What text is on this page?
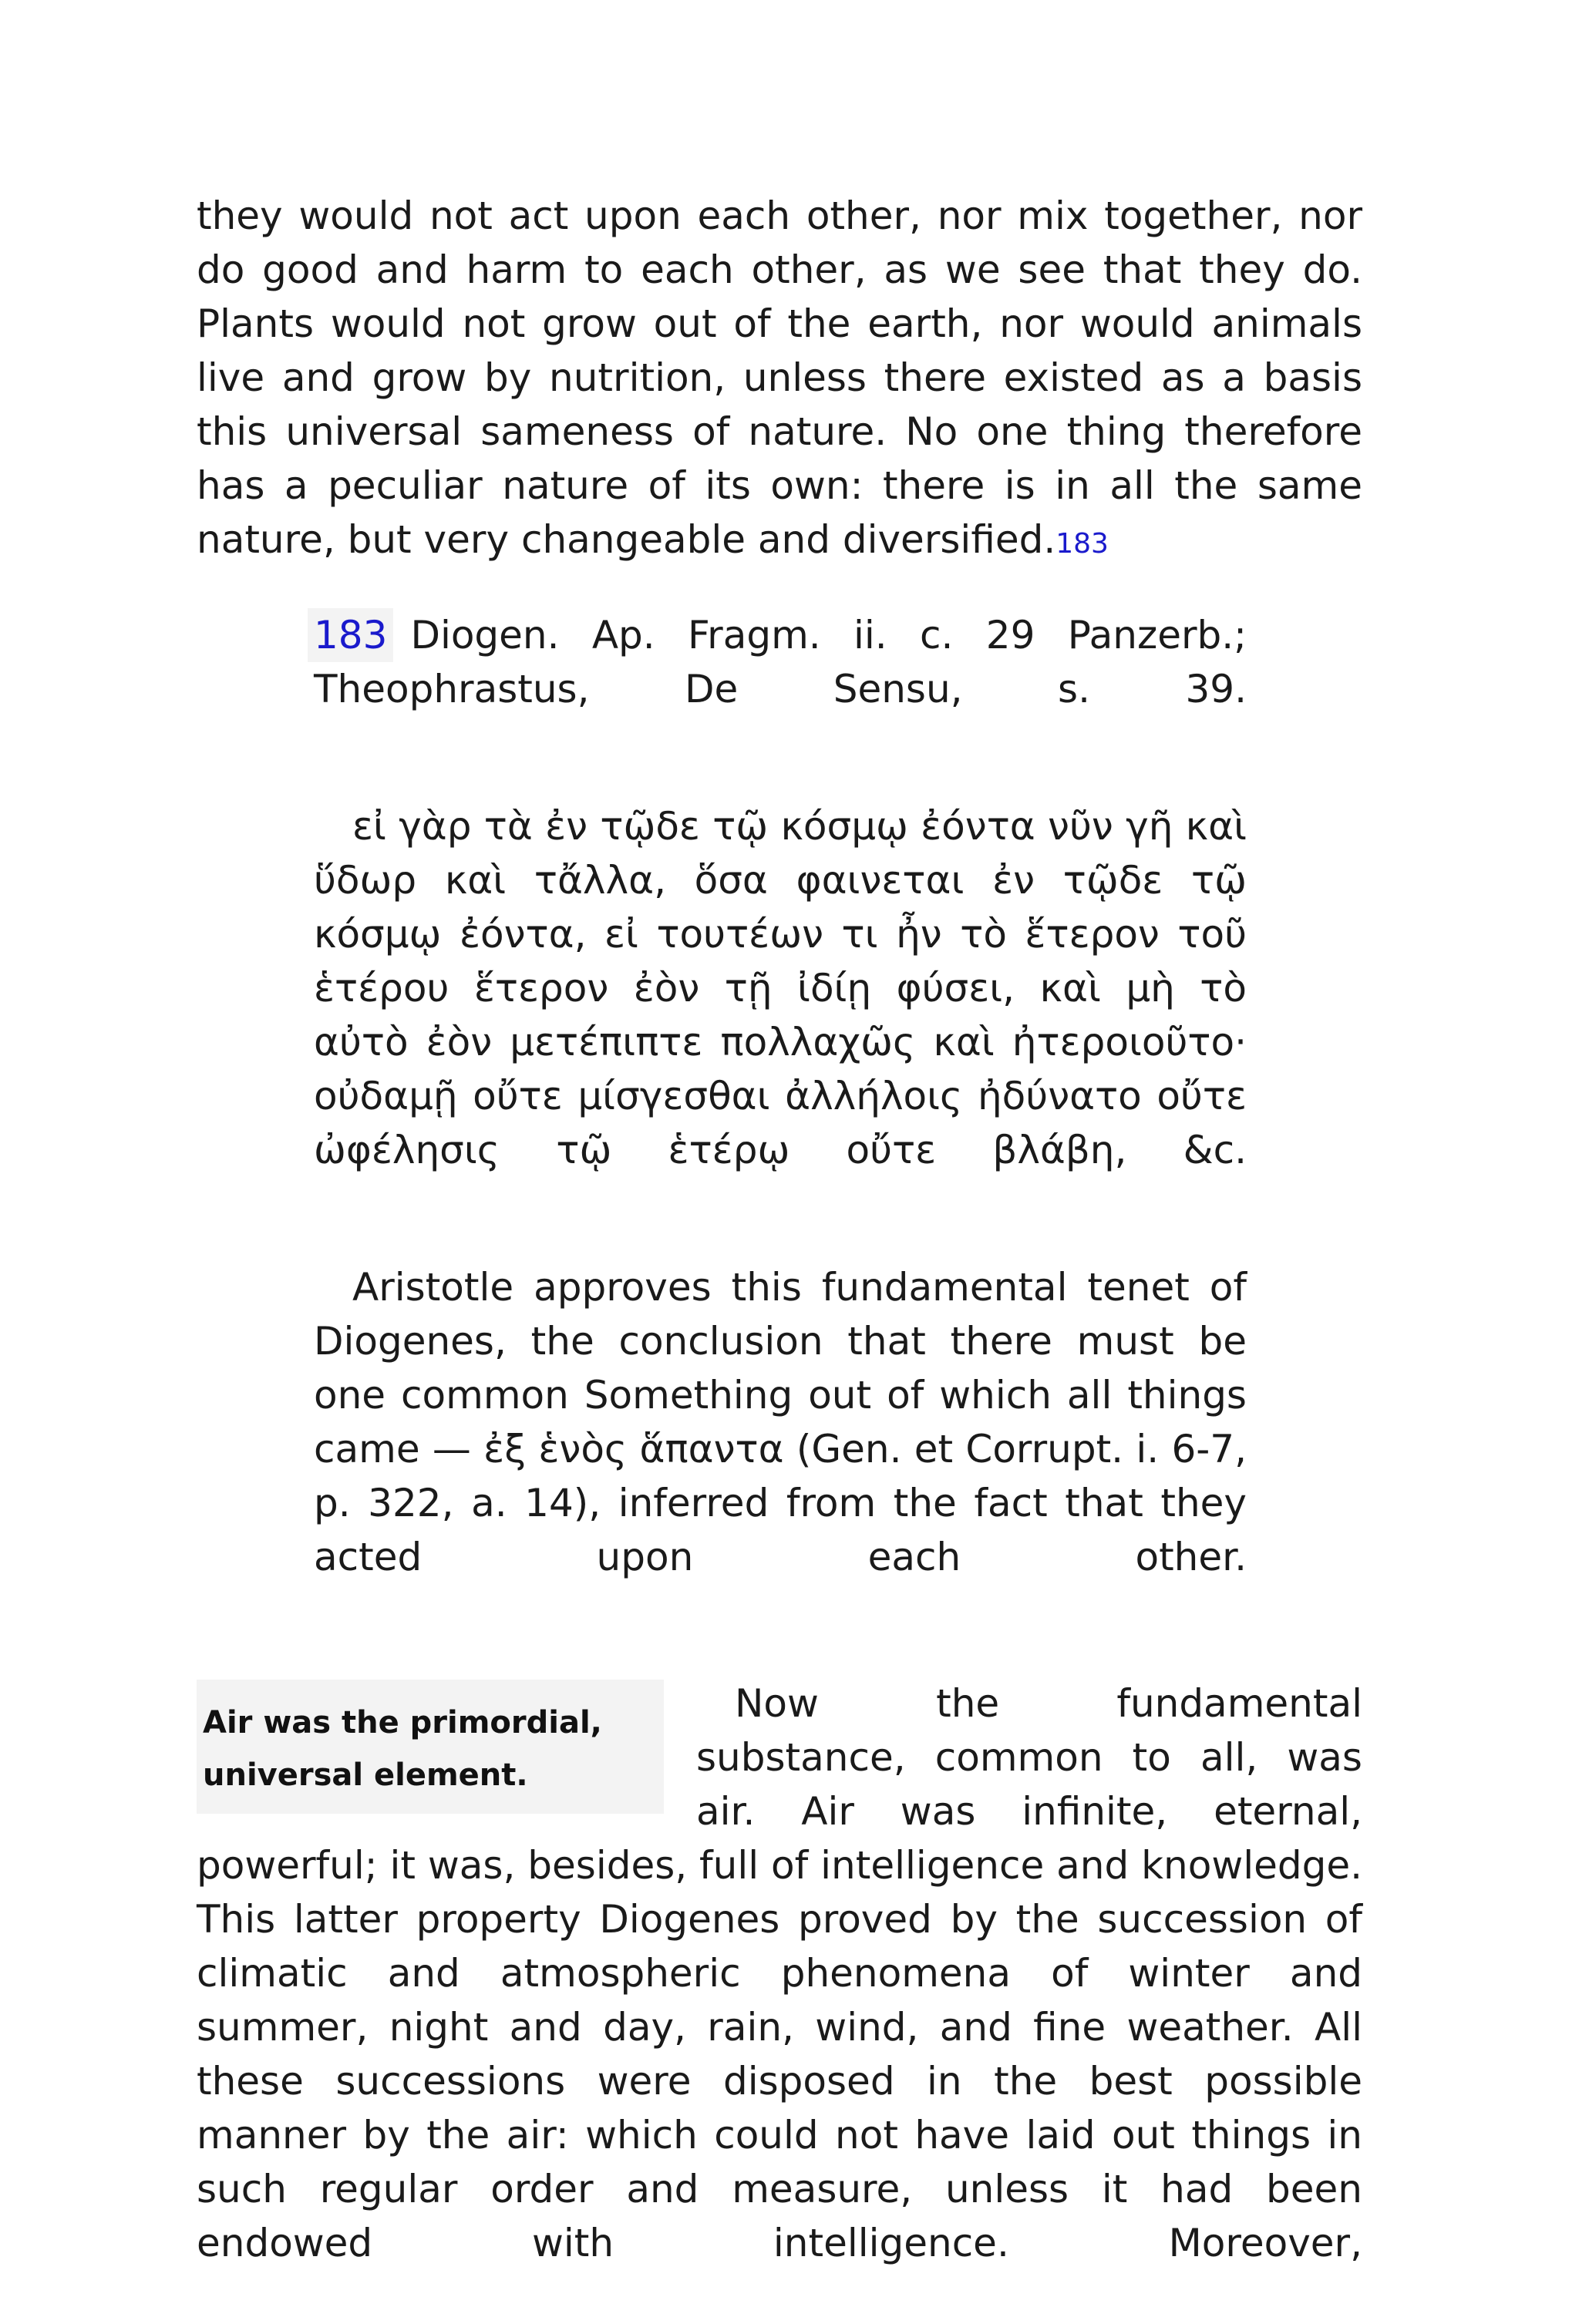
they would not act upon each other, nor mix together, nor do good and harm to each other, as we see that they do. Plants would not grow out of the earth, nor would animals live and grow by nutrition, unless there existed as a basis this universal sameness of nature. No one thing therefore has a peculiar nature of its own: there is in all the same nature, but very changeable and diversified.183

183 Diogen. Ap. Fragm. ii. c. 29 Panzerb.; Theophrastus, De Sensu, s. 39.

εἰ γὰρ τὰ ἐν τῷδε τῷ κόσμῳ ἐόντα νῦν γῆ καὶ ὕδωρ καὶ τἄλλα, ὅσα φαινεται ἐν τῷδε τῷ κόσμῳ ἐόντα, εἰ τουτέων τι ἦν τὸ ἕτερον τοῦ ἑτέρου ἕτερον ἐὸν τῇ ἰδίῃ φύσει, καὶ μὴ τὸ αὐτὸ ἐὸν μετέπιπτε πολλαχῶς καὶ ἠτεροιοῦτο· οὐδαμῇ οὔτε μίσγεσθαι ἀλλήλοις ἠδύνατο οὔτε ὠφέλησις τῷ ἑτέρῳ οὔτε βλάβη, &c.

Aristotle approves this fundamental tenet of Diogenes, the conclusion that there must be one common Something out of which all things came — ἐξ ἑνὸς ἅπαντα (Gen. et Corrupt. i. 6-7, p. 322, a. 14), inferred from the fact that they acted upon each other.

Air was the primordial, universal element.

Now the fundamental substance, common to all, was air. Air was infinite, eternal, powerful; it was, besides, full of intelligence and knowledge. This latter property Diogenes proved by the succession of climatic and atmospheric phenomena of winter and summer, night and day, rain, wind, and fine weather. All these successions were disposed in the best possible manner by the air: which could not have laid out things in such regular order and measure, unless it had been endowed with intelligence. Moreover,
